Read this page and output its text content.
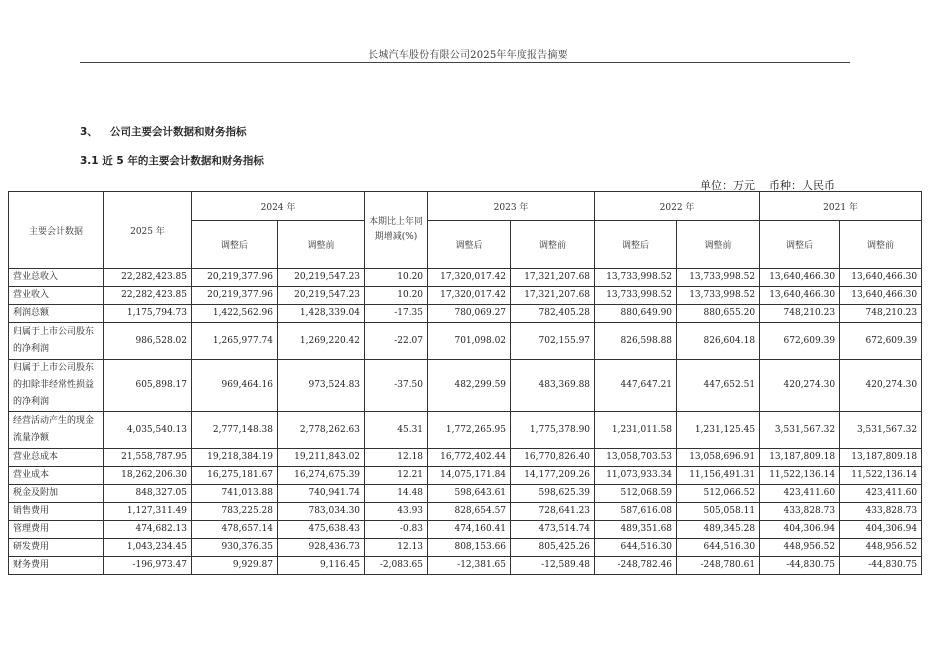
长城汽车股份有限公司2025年年度报告摘要
3、 公司主要会计数据和财务指标
3.1 近 5 年的主要会计数据和财务指标
单位：万元 币种：人民币
主要会计数据	2025 年	2024 年		本期比上年同期增减(%)	2023 年		2022 年		2021 年	
		调整后	调整前		调整后	调整前	调整后	调整前	调整后	调整前
营业总收入	22,282,423.85	20,219,377.96	20,219,547.23	10.20	17,320,017.42	17,321,207.68	13,733,998.52	13,733,998.52	13,640,466.30	13,640,466.30
营业收入	22,282,423.85	20,219,377.96	20,219,547.23	10.20	17,320,017.42	17,321,207.68	13,733,998.52	13,733,998.52	13,640,466.30	13,640,466.30
利润总额	1,175,794.73	1,422,562.96	1,428,339.04	-17.35	780,069.27	782,405.28	880,649.90	880,655.20	748,210.23	748,210.23
归属于上市公司股东的净利润	986,528.02	1,265,977.74	1,269,220.42	-22.07	701,098.02	702,155.97	826,598.88	826,604.18	672,609.39	672,609.39
归属于上市公司股东的扣除非经常性损益的净利润	605,898.17	969,464.16	973,524.83	-37.50	482,299.59	483,369.88	447,647.21	447,652.51	420,274.30	420,274.30
经营活动产生的现金流量净额	4,035,540.13	2,777,148.38	2,778,262.63	45.31	1,772,265.95	1,775,378.90	1,231,011.58	1,231,125.45	3,531,567.32	3,531,567.32
营业总成本	21,558,787.95	19,218,384.19	19,211,843.02	12.18	16,772,402.44	16,770,826.40	13,058,703.53	13,058,696.91	13,187,809.18	13,187,809.18
营业成本	18,262,206.30	16,275,181.67	16,274,675.39	12.21	14,075,171.84	14,177,209.26	11,073,933.34	11,156,491.31	11,522,136.14	11,522,136.14
税金及附加	848,327.05	741,013.88	740,941.74	14.48	598,643.61	598,625.39	512,068.59	512,066.52	423,411.60	423,411.60
销售费用	1,127,311.49	783,225.28	783,034.30	43.93	828,654.57	728,641.23	587,616.08	505,058.11	433,828.73	433,828.73
管理费用	474,682.13	478,657.14	475,638.43	-0.83	474,160.41	473,514.74	489,351.68	489,345.28	404,306.94	404,306.94
研发费用	1,043,234.45	930,376.35	928,436.73	12.13	808,153.66	805,425.26	644,516.30	644,516.30	448,956.52	448,956.52
财务费用	-196,973.47	9,929.87	9,116.45	-2,083.65	-12,381.65	-12,589.48	-248,782.46	-248,780.61	-44,830.75	-44,830.75
